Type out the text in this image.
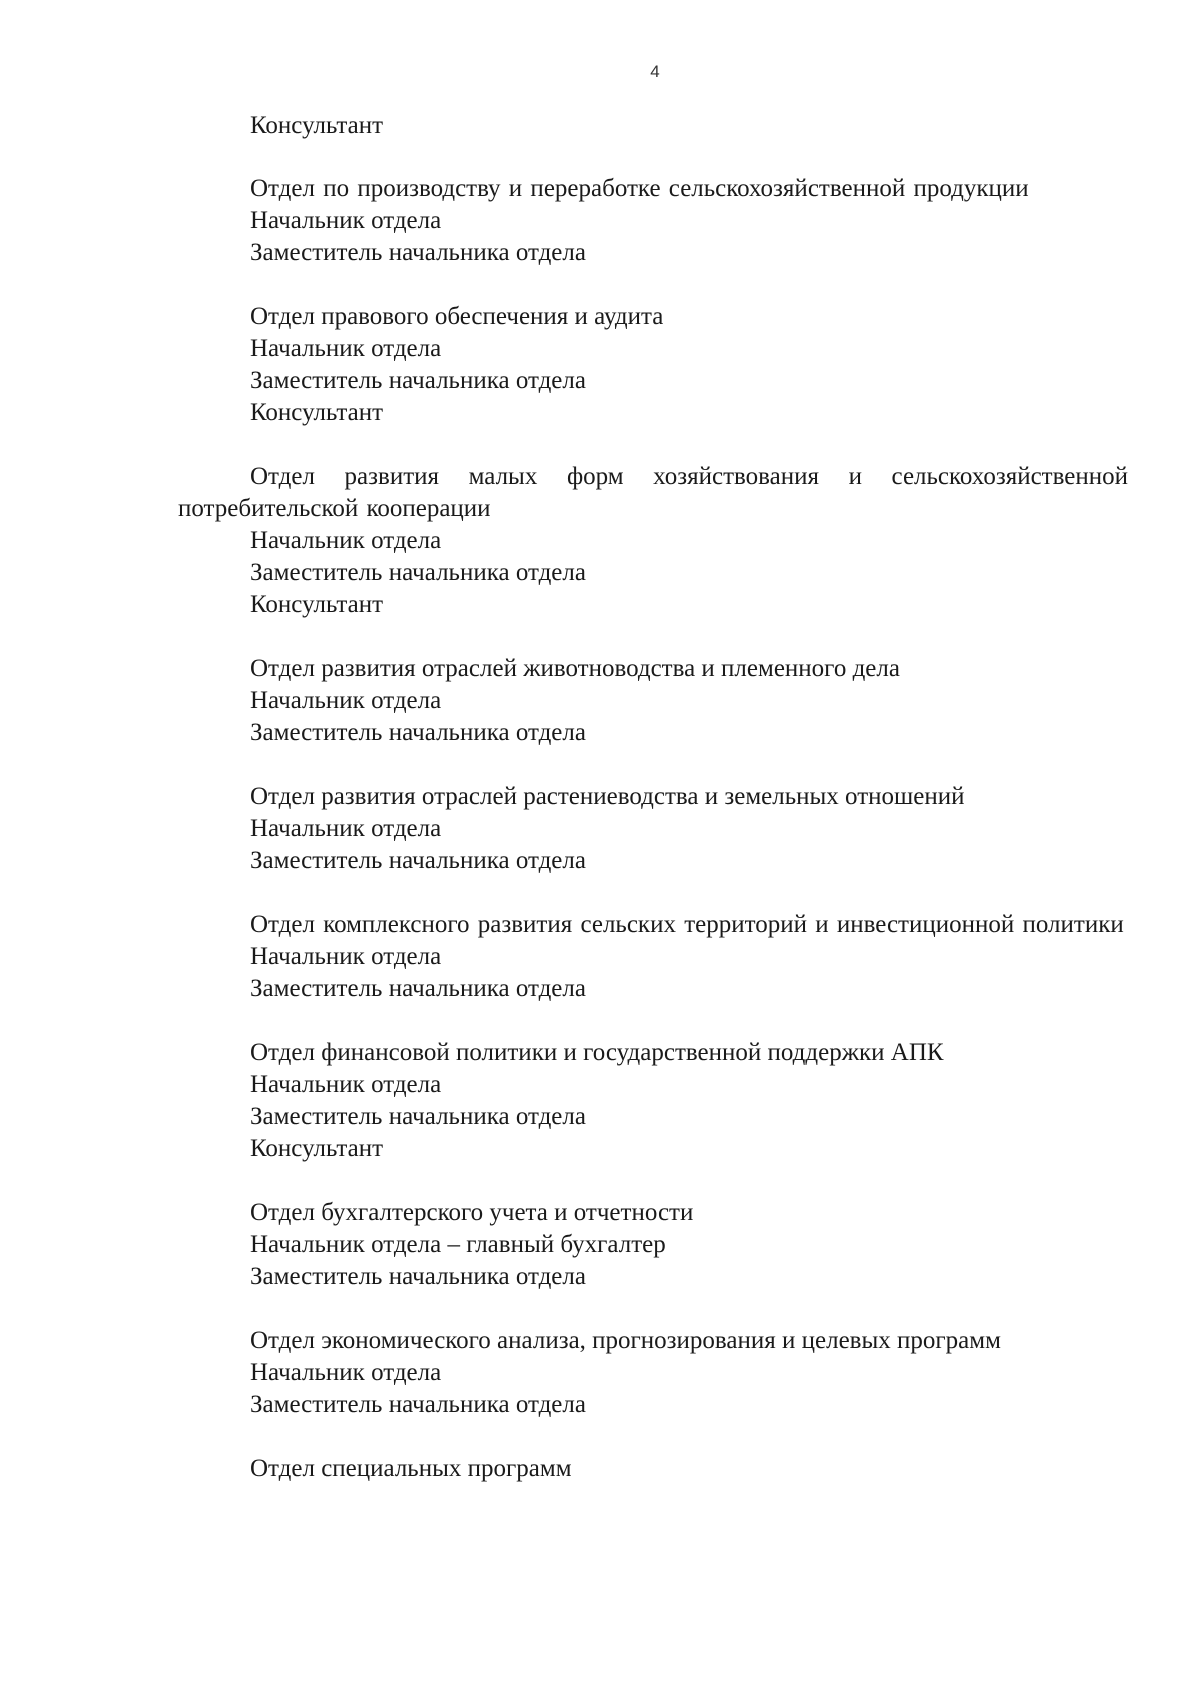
4
Консультант
Отдел по производству и переработке сельскохозяйственной продукции
Начальник отдела
Заместитель начальника отдела
Отдел правового обеспечения и аудита
Начальник отдела
Заместитель начальника отдела
Консультант
Отдел развития малых форм хозяйствования и сельскохозяйственной потребительской кооперации
Начальник отдела
Заместитель начальника отдела
Консультант
Отдел развития отраслей животноводства и племенного дела
Начальник отдела
Заместитель начальника отдела
Отдел развития отраслей растениеводства и земельных отношений
Начальник отдела
Заместитель начальника отдела
Отдел комплексного развития сельских территорий и инвестиционной политики
Начальник отдела
Заместитель начальника отдела
Отдел финансовой политики и государственной поддержки АПК
Начальник отдела
Заместитель начальника отдела
Консультант
Отдел бухгалтерского учета и отчетности
Начальник отдела – главный бухгалтер
Заместитель начальника отдела
Отдел экономического анализа, прогнозирования и целевых программ
Начальник отдела
Заместитель начальника отдела
Отдел специальных программ
